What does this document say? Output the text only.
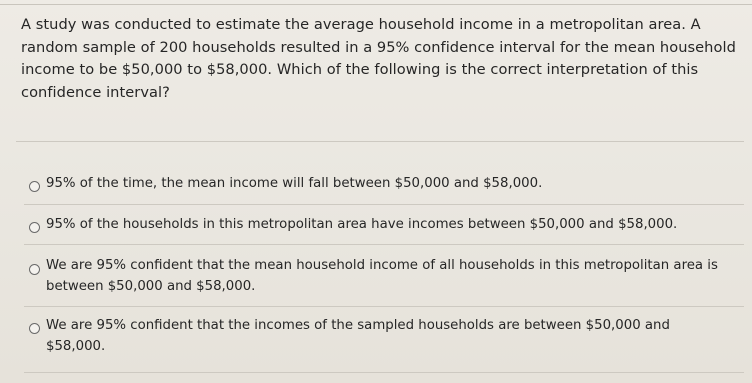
A study was conducted to estimate the average household income in a metropolitan area. A random sample of 200 households resulted in a 95% confidence interval for the mean household income to be $50,000 to $58,000. Which of the following is the correct interpretation of this confidence interval?

95% of the time, the mean income will fall between $50,000 and $58,000.

95% of the households in this metropolitan area have incomes between $50,000 and $58,000.

We are 95% confident that the mean household income of all households in this metropolitan area is between $50,000 and $58,000.

We are 95% confident that the incomes of the sampled households are between $50,000 and $58,000.
